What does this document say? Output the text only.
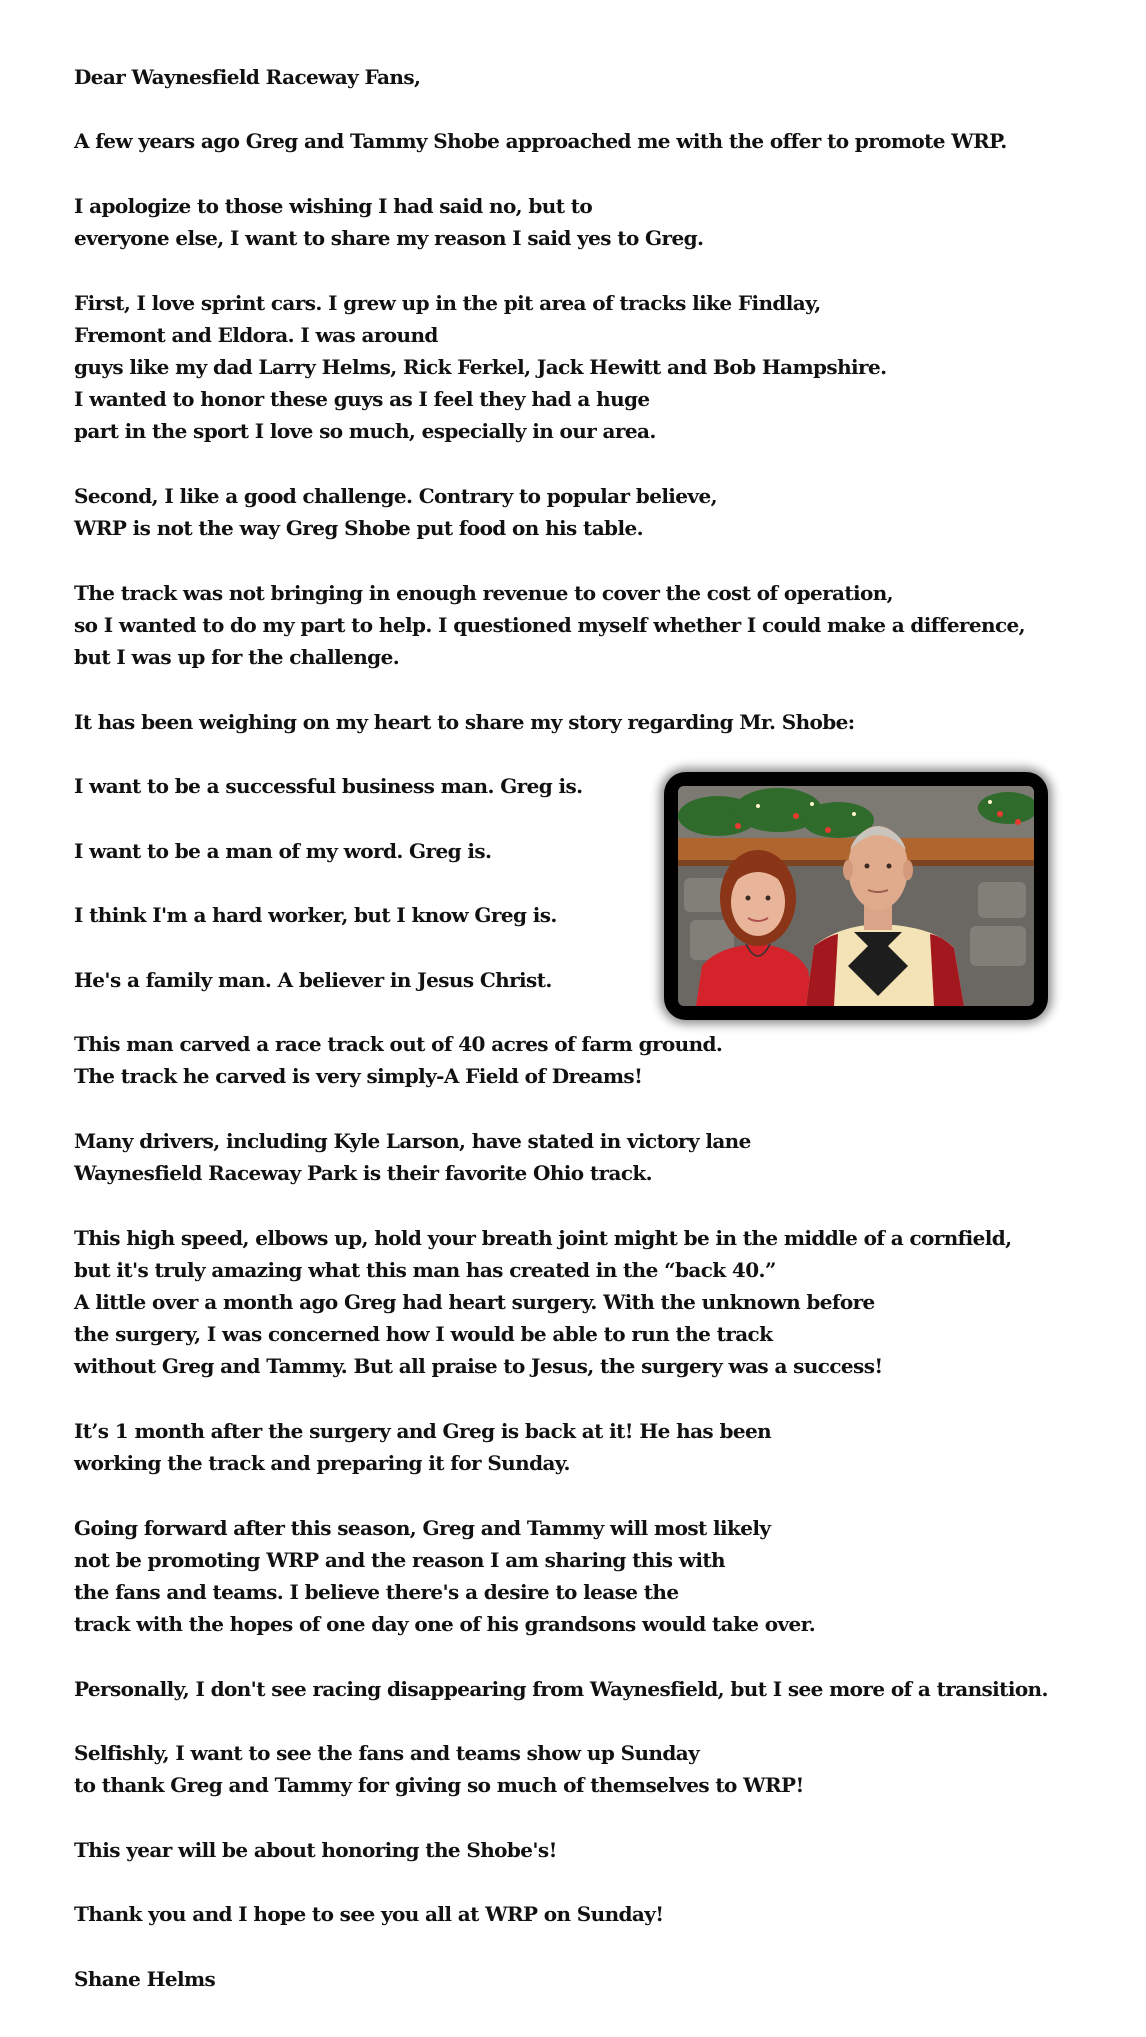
Dear Waynesfield Raceway Fans,
A few years ago Greg and Tammy Shobe approached me with the offer to promote WRP.
I apologize to those wishing I had said no, but to
everyone else, I want to share my reason I said yes to Greg.
First, I love sprint cars. I grew up in the pit area of tracks like Findlay,
Fremont and Eldora. I was around
guys like my dad Larry Helms, Rick Ferkel, Jack Hewitt and Bob Hampshire.
I wanted to honor these guys as I feel they had a huge
part in the sport I love so much, especially in our area.
Second, I like a good challenge. Contrary to popular believe,
WRP is not the way Greg Shobe put food on his table.
The track was not bringing in enough revenue to cover the cost of operation,
so I wanted to do my part to help. I questioned myself whether I could make a difference,
but I was up for the challenge.
It has been weighing on my heart to share my story regarding Mr. Shobe:
I want to be a successful business man. Greg is.
I want to be a man of my word. Greg is.
I think I'm a hard worker, but I know Greg is.
He's a family man. A believer in Jesus Christ.
This man carved a race track out of 40 acres of farm ground.
The track he carved is very simply-A Field of Dreams!
Many drivers, including Kyle Larson, have stated in victory lane
Waynesfield Raceway Park is their favorite Ohio track.
This high speed, elbows up, hold your breath joint might be in the middle of a cornfield,
but it's truly amazing what this man has created in the “back 40.”
A little over a month ago Greg had heart surgery. With the unknown before
the surgery, I was concerned how I would be able to run the track
without Greg and Tammy. But all praise to Jesus, the surgery was a success!
It’s 1 month after the surgery and Greg is back at it! He has been
working the track and preparing it for Sunday.
Going forward after this season, Greg and Tammy will most likely
not be promoting WRP and the reason I am sharing this with
the fans and teams. I believe there's a desire to lease the
track with the hopes of one day one of his grandsons would take over.
Personally, I don't see racing disappearing from Waynesfield, but I see more of a transition.
Selfishly, I want to see the fans and teams show up Sunday
to thank Greg and Tammy for giving so much of themselves to WRP!
This year will be about honoring the Shobe's!
Thank you and I hope to see you all at WRP on Sunday!
Shane Helms
